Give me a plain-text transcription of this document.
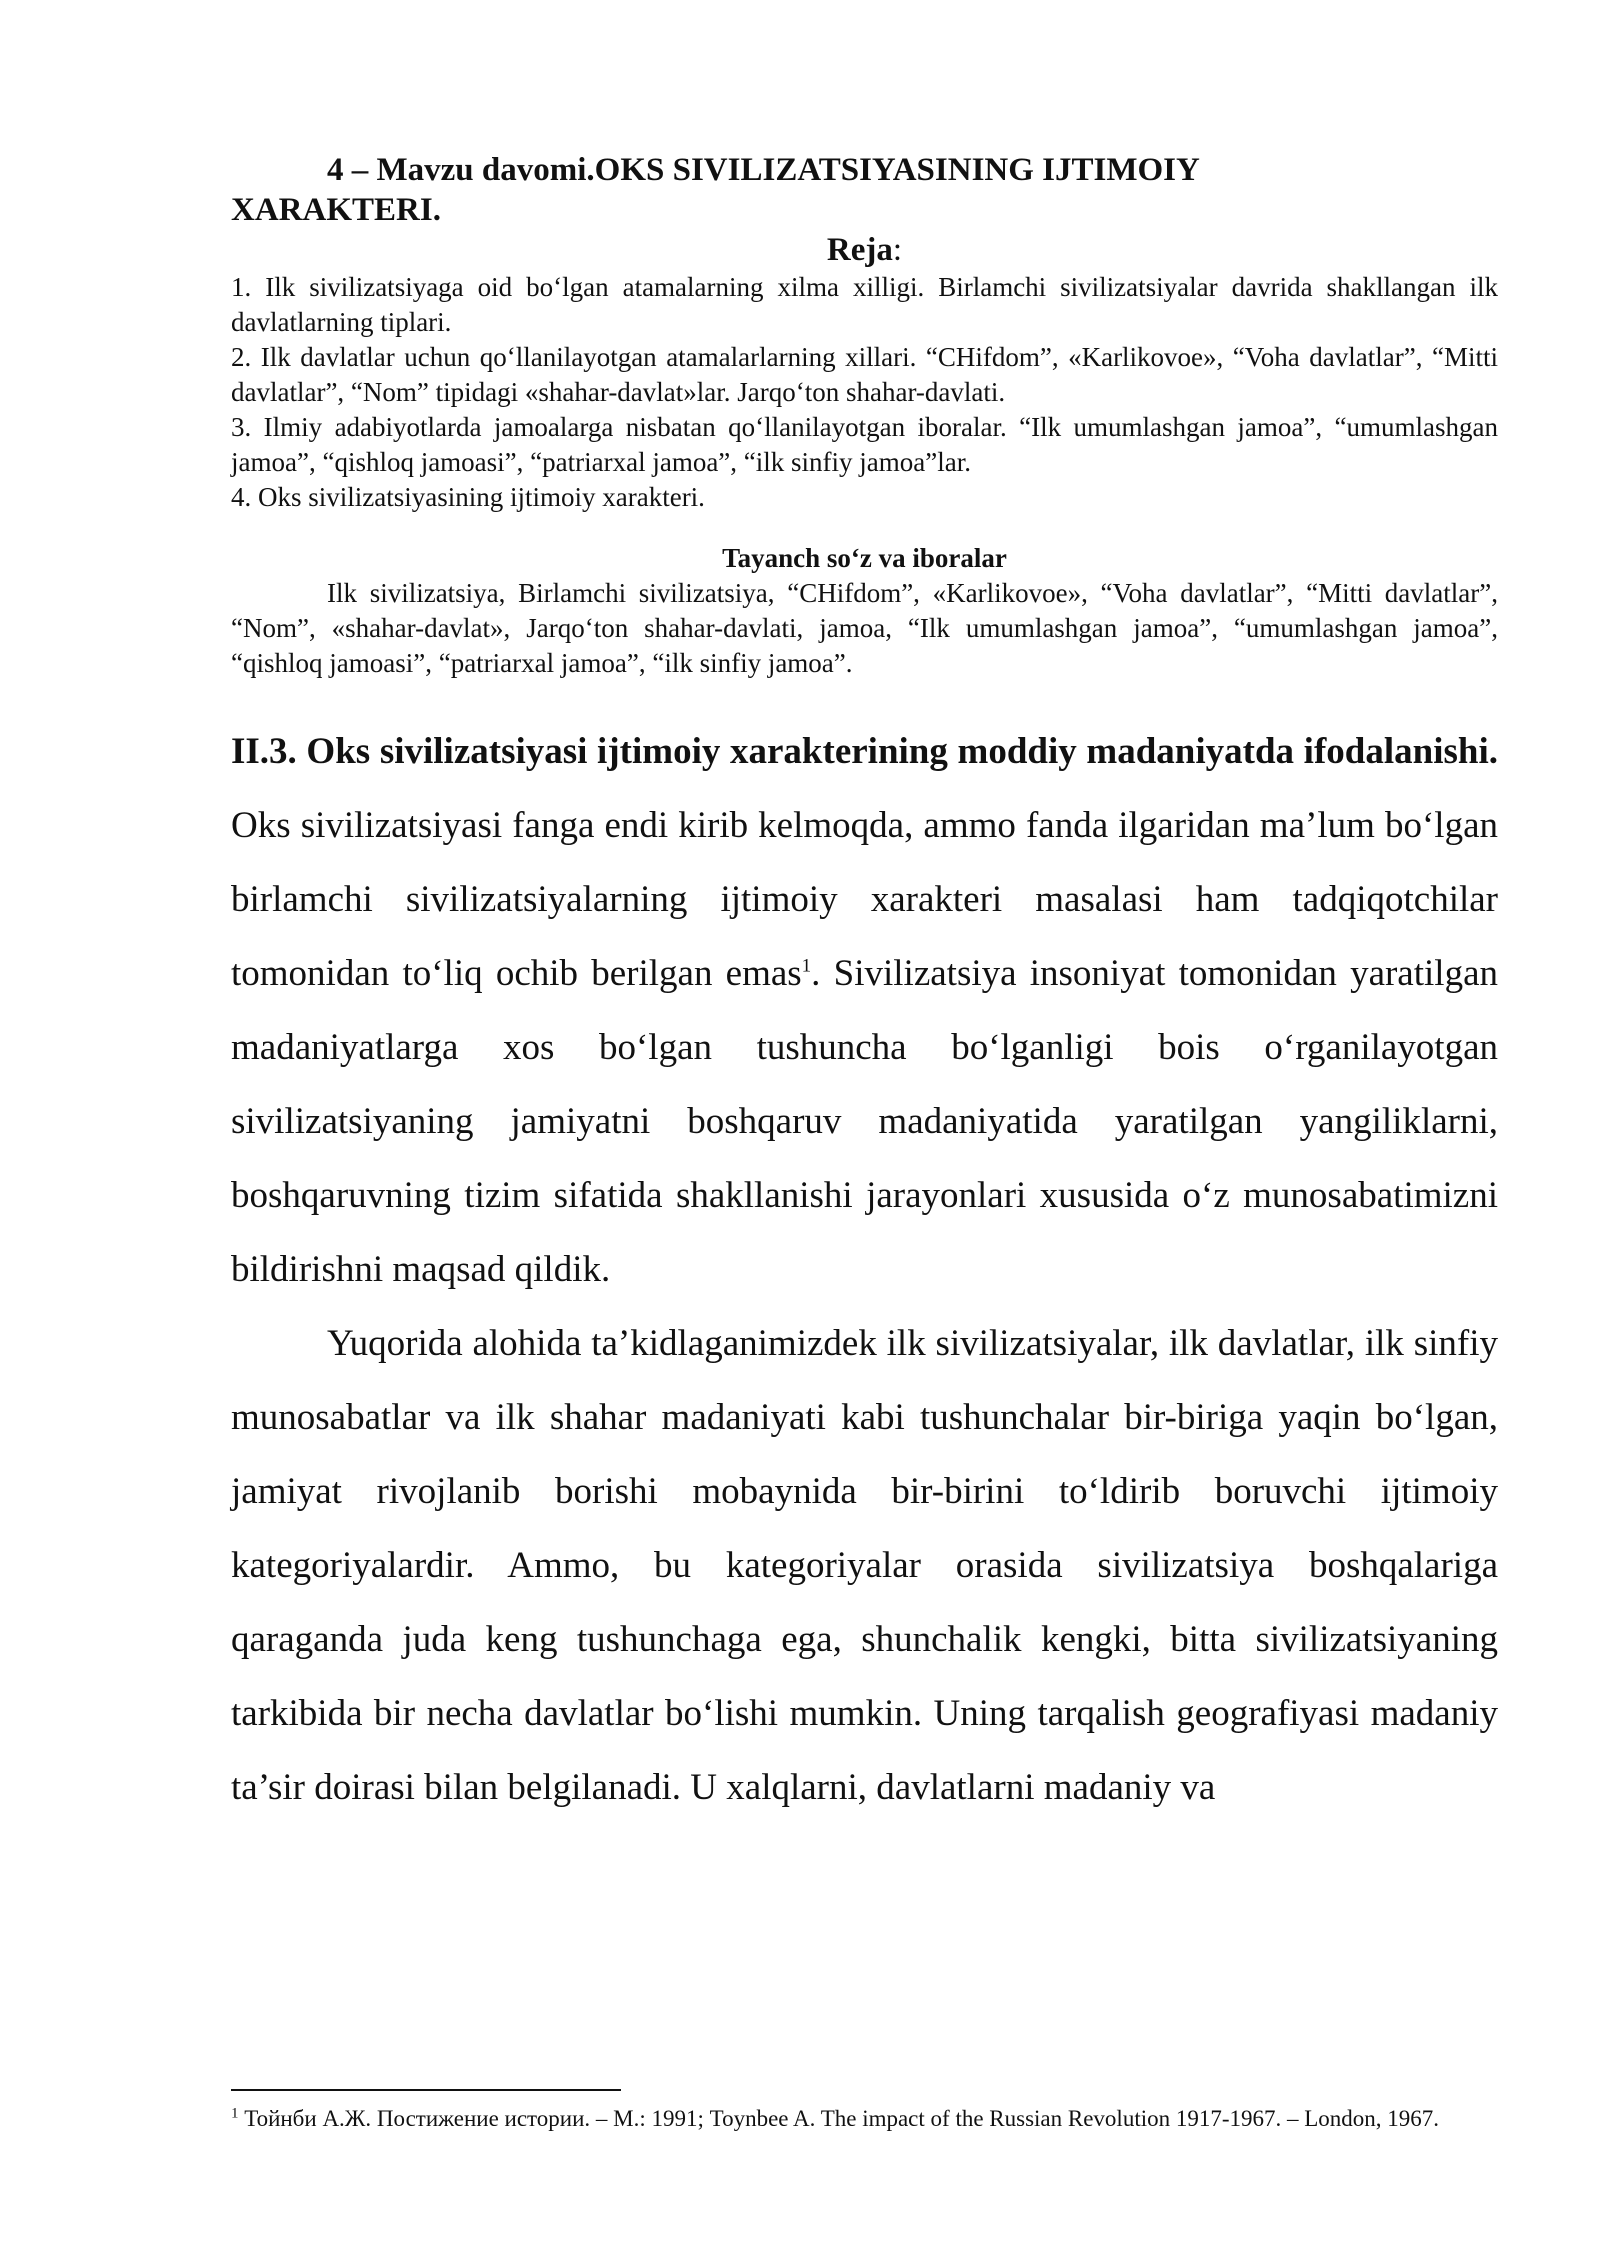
4 – Mavzu davomi.OKS SIVILIZATSIYASINING IJTIMOIY
XARAKTERI.

Reja:

1. Ilk sivilizatsiyaga oid bo‘lgan atamalarning xilma xilligi. Birlamchi sivilizatsiyalar davrida shakllangan ilk davlatlarning tiplari.

2. Ilk davlatlar uchun qo‘llanilayotgan atamalarlarning xillari. “CHifdom”, «Karlikovoe», “Voha davlatlar”, “Mitti davlatlar”, “Nom” tipidagi «shahar-davlat»lar. Jarqo‘ton shahar-davlati.

3. Ilmiy adabiyotlarda jamoalarga nisbatan qo‘llanilayotgan iboralar. “Ilk umumlashgan jamoa”, “umumlashgan jamoa”, “qishloq jamoasi”, “patriarxal jamoa”, “ilk sinfiy jamoa”lar.

4. Oks sivilizatsiyasining ijtimoiy xarakteri.

Tayanch so‘z va iboralar

Ilk sivilizatsiya, Birlamchi sivilizatsiya, “CHifdom”, «Karlikovoe», “Voha davlatlar”, “Mitti davlatlar”, “Nom”, «shahar-davlat», Jarqo‘ton shahar-davlati, jamoa, “Ilk umumlashgan jamoa”, “umumlashgan jamoa”, “qishloq jamoasi”, “patriarxal jamoa”, “ilk sinfiy jamoa”.

II.3. Oks sivilizatsiyasi ijtimoiy xarakterining moddiy madaniyatda ifodalanishi. Oks sivilizatsiyasi fanga endi kirib kelmoqda, ammo fanda ilgaridan ma’lum bo‘lgan birlamchi sivilizatsiyalarning ijtimoiy xarakteri masalasi ham tadqiqotchilar tomonidan to‘liq ochib berilgan emas$^1$. Sivilizatsiya insoniyat tomonidan yaratilgan madaniyatlarga xos bo‘lgan tushuncha bo‘lganligi bois o‘rganilayotgan sivilizatsiyaning jamiyatni boshqaruv madaniyatida yaratilgan yangiliklarni, boshqaruvning tizim sifatida shakllanishi jarayonlari xususida o‘z munosabatimizni bildirishni maqsad qildik.

Yuqorida alohida ta’kidlaganimizdek ilk sivilizatsiyalar, ilk davlatlar, ilk sinfiy munosabatlar va ilk shahar madaniyati kabi tushunchalar bir-biriga yaqin bo‘lgan, jamiyat rivojlanib borishi mobaynida bir-birini to‘ldirib boruvchi ijtimoiy kategoriyalardir. Ammo, bu kategoriyalar orasida sivilizatsiya boshqalariga qaraganda juda keng tushunchaga ega, shunchalik kengki, bitta sivilizatsiyaning tarkibida bir necha davlatlar bo‘lishi mumkin. Uning tarqalish geografiyasi madaniy ta’sir doirasi bilan belgilanadi. U xalqlarni, davlatlarni madaniy va

$^1$ Тойнби А.Ж. Постижение истории. – М.: 1991; Toynbee A. The impact of the Russian Revolution 1917-1967. – London, 1967.
